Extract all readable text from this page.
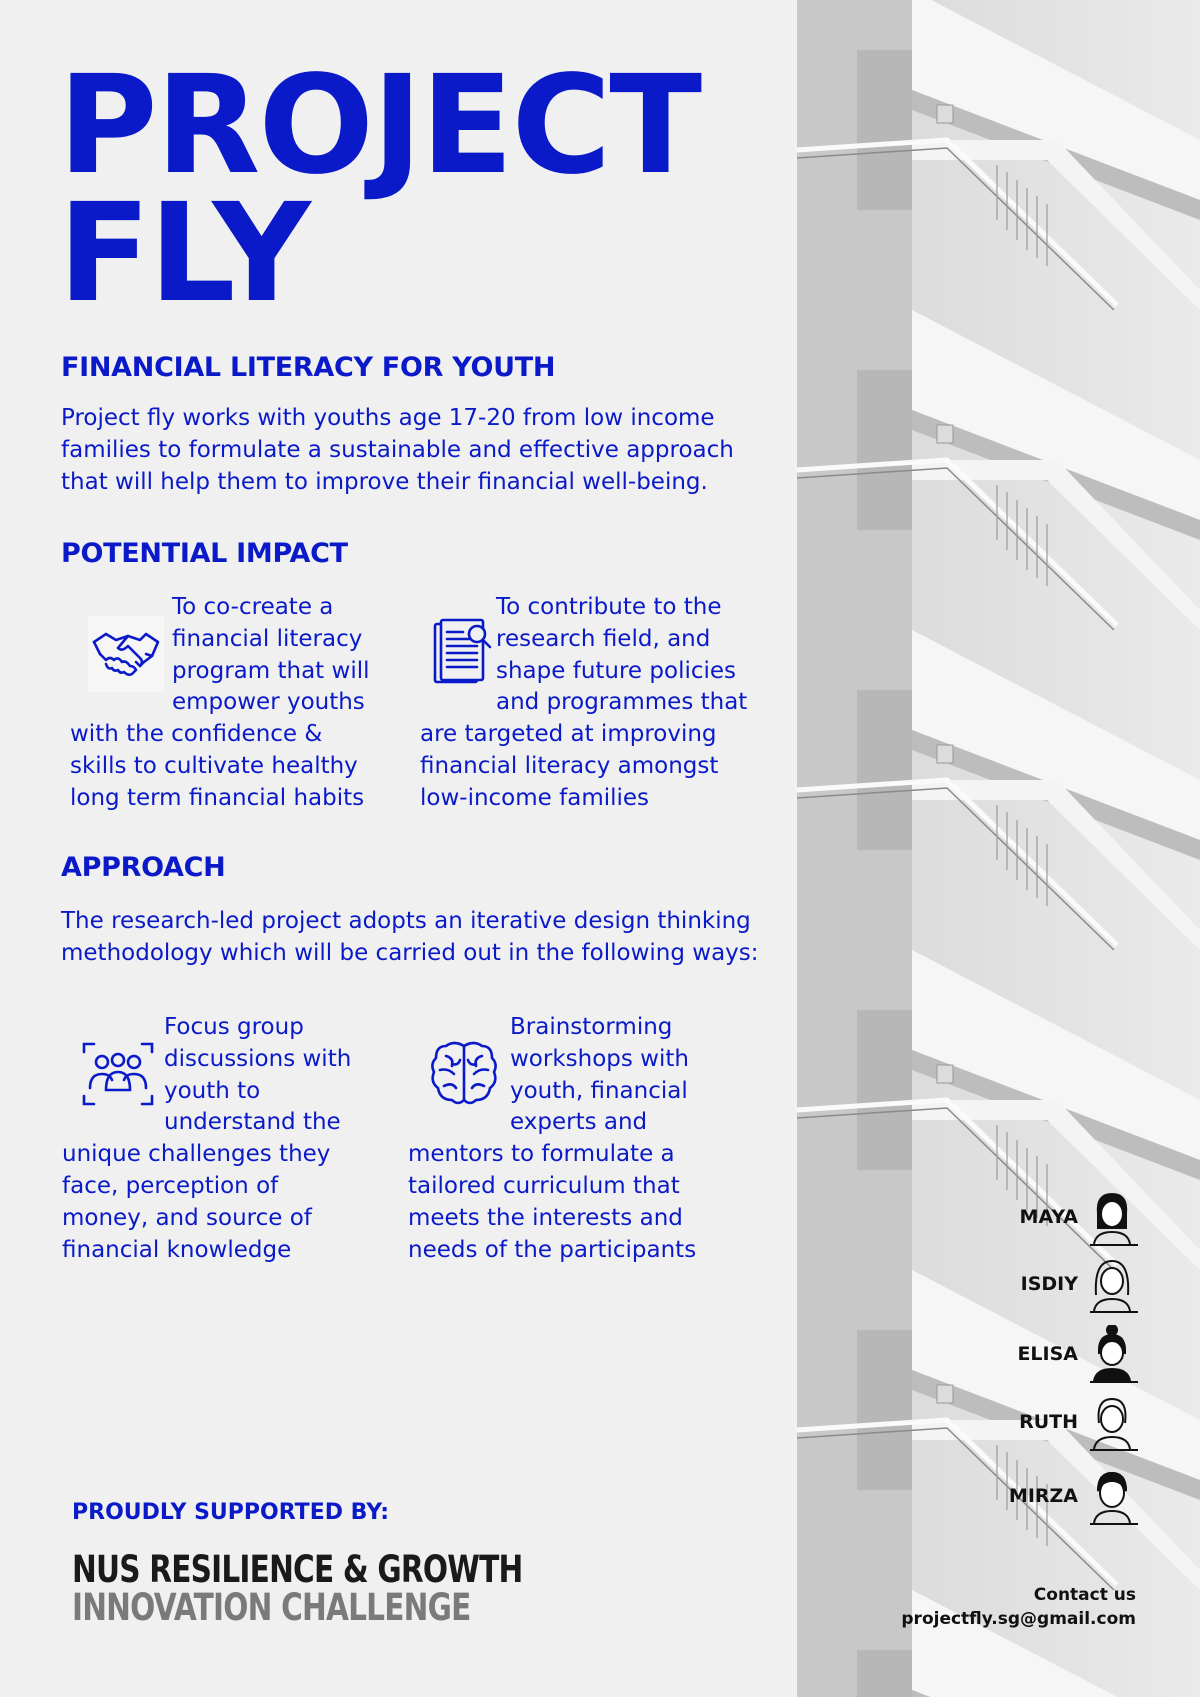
PROJECT
FLY
FINANCIAL LITERACY FOR YOUTH

Project fly works with youths age 17-20 from low income families to formulate a sustainable and effective approach that will help them to improve their financial well-being.

POTENTIAL IMPACT
To co-create a financial literacy program that will empower youths with the confidence & skills to cultivate healthy long term financial habits
To contribute to the research field, and shape future policies and programmes that are targeted at improving financial literacy amongst low-income families
APPROACH

The research-led project adopts an iterative design thinking methodology which will be carried out in the following ways:

Focus group discussions with youth to understand the unique challenges they face, perception of money, and source of financial knowledge
Brainstorming workshops with youth, financial experts and mentors to formulate a tailored curriculum that meets the interests and needs of the participants

PROUDLY SUPPORTED BY:

NUS RESILIENCE & GROWTH

INNOVATION CHALLENGE

MAYA
ISDIY
ELISA
RUTH
MIRZA
Contact us
projectfly.sg@gmail.com
